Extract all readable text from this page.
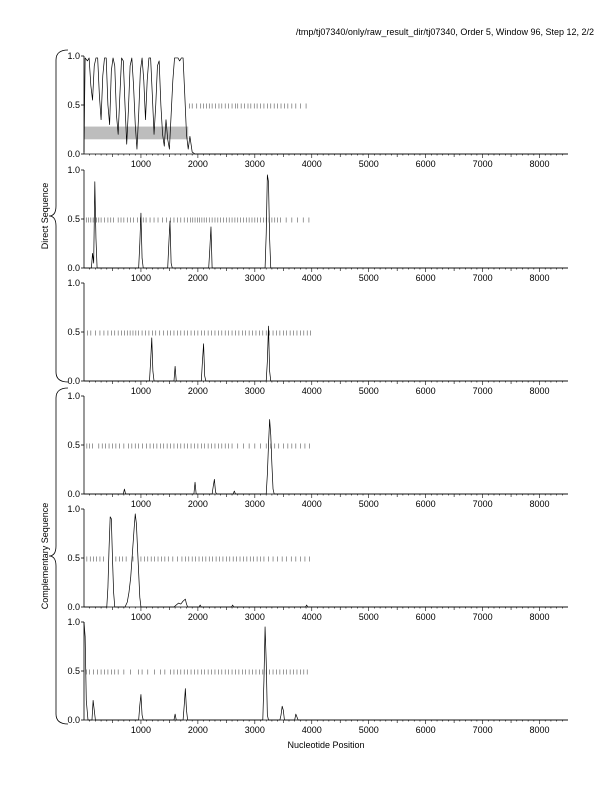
/tmp/tj07340/only/raw_result_dir/tj07340, Order 5, Window 96, Step 12, 2/2
Direct Sequence
Complementary Sequence
0.0
0.5
1.0
1000	2000	3000	4000	5000	6000	7000	8000
0.0
0.5
1.0
1000	2000	3000	4000	5000	6000	7000	8000
0.0
0.5
1.0
1000	2000	3000	4000	5000	6000	7000	8000
0.0
0.5
1.0
1000	2000	3000	4000	5000	6000	7000	8000
0.0
0.5
1.0
1000	2000	3000	4000	5000	6000	7000	8000
0.0
0.5
1.0
1000	2000	3000	4000	5000	6000	7000	8000
Nucleotide Position
